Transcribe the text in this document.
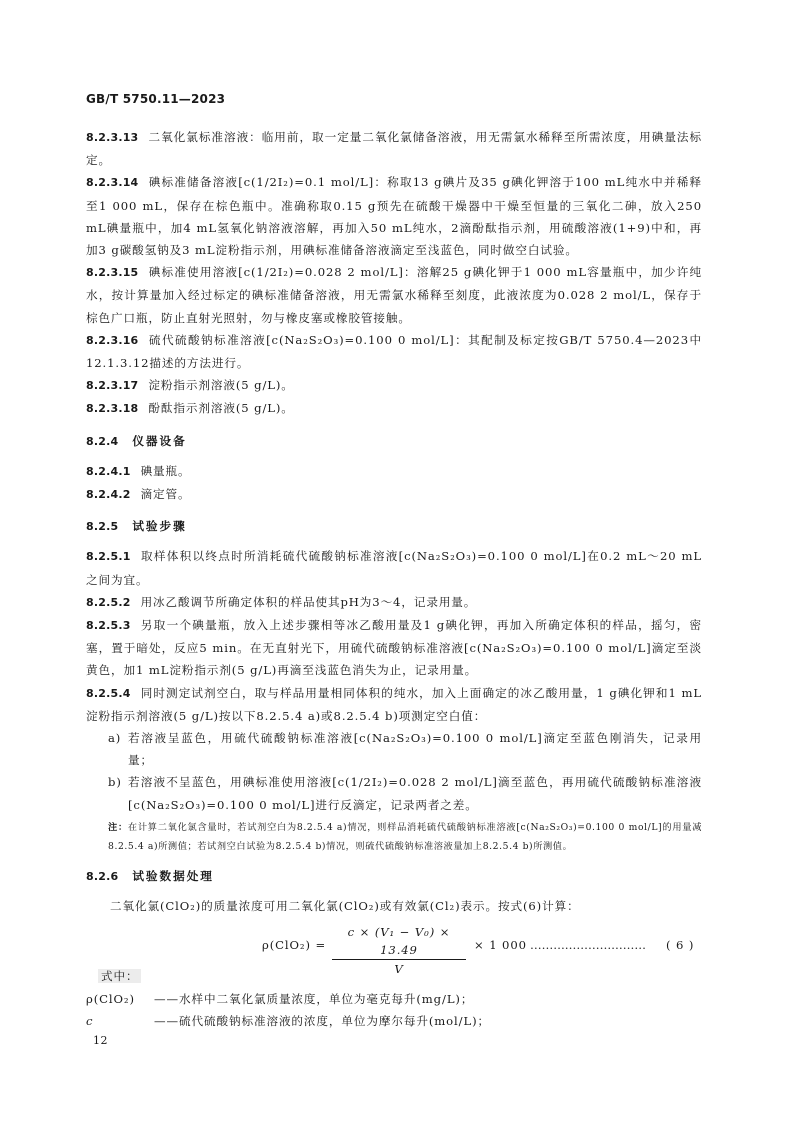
GB/T 5750.11—2023

8.2.3.13 二氧化氯标准溶液：临用前，取一定量二氧化氯储备溶液，用无需氯水稀释至所需浓度，用碘量法标定。

8.2.3.14 碘标准储备溶液[c(1/2I₂)=0.1 mol/L]：称取13 g碘片及35 g碘化钾溶于100 mL纯水中并稀释至1 000 mL，保存在棕色瓶中。准确称取0.15 g预先在硫酸干燥器中干燥至恒量的三氧化二砷，放入250 mL碘量瓶中，加4 mL氢氧化钠溶液溶解，再加入50 mL纯水，2滴酚酞指示剂，用硫酸溶液(1+9)中和，再加3 g碳酸氢钠及3 mL淀粉指示剂，用碘标准储备溶液滴定至浅蓝色，同时做空白试验。

8.2.3.15 碘标准使用溶液[c(1/2I₂)=0.028 2 mol/L]：溶解25 g碘化钾于1 000 mL容量瓶中，加少许纯水，按计算量加入经过标定的碘标准储备溶液，用无需氯水稀释至刻度，此液浓度为0.028 2 mol/L，保存于棕色广口瓶，防止直射光照射，勿与橡皮塞或橡胶管接触。

8.2.3.16 硫代硫酸钠标准溶液[c(Na₂S₂O₃)=0.100 0 mol/L]：其配制及标定按GB/T 5750.4—2023中12.1.3.12描述的方法进行。

8.2.3.17 淀粉指示剂溶液(5 g/L)。

8.2.3.18 酚酞指示剂溶液(5 g/L)。

8.2.4 仪器设备

8.2.4.1 碘量瓶。

8.2.4.2 滴定管。

8.2.5 试验步骤

8.2.5.1 取样体积以终点时所消耗硫代硫酸钠标准溶液[c(Na₂S₂O₃)=0.100 0 mol/L]在0.2 mL～20 mL之间为宜。

8.2.5.2 用冰乙酸调节所确定体积的样品使其pH为3～4，记录用量。

8.2.5.3 另取一个碘量瓶，放入上述步骤相等冰乙酸用量及1 g碘化钾，再加入所确定体积的样品，摇匀，密塞，置于暗处，反应5 min。在无直射光下，用硫代硫酸钠标准溶液[c(Na₂S₂O₃)=0.100 0 mol/L]滴定至淡黄色，加1 mL淀粉指示剂(5 g/L)再滴至浅蓝色消失为止，记录用量。

8.2.5.4 同时测定试剂空白，取与样品用量相同体积的纯水，加入上面确定的冰乙酸用量，1 g碘化钾和1 mL淀粉指示剂溶液(5 g/L)按以下8.2.5.4 a)或8.2.5.4 b)项测定空白值：

a) 若溶液呈蓝色，用硫代硫酸钠标准溶液[c(Na₂S₂O₃)=0.100 0 mol/L]滴定至蓝色刚消失，记录用量；

b) 若溶液不呈蓝色，用碘标准使用溶液[c(1/2I₂)=0.028 2 mol/L]滴至蓝色，再用硫代硫酸钠标准溶液[c(Na₂S₂O₃)=0.100 0 mol/L]进行反滴定，记录两者之差。

注：在计算二氧化氯含量时，若试剂空白为8.2.5.4 a)情况，则样品消耗硫代硫酸钠标准溶液[c(Na₂S₂O₃)=0.100 0 mol/L]的用量减8.2.5.4 a)所测值；若试剂空白试验为8.2.5.4 b)情况，则硫代硫酸钠标准溶液量加上8.2.5.4 b)所测值。

8.2.6 试验数据处理

二氧化氯(ClO₂)的质量浓度可用二氧化氯(ClO₂)或有效氯(Cl₂)表示。按式(6)计算：

ρ(ClO₂) =
c × (V₁ − V₀) × 13.49
V
× 1 000 ………………………… ( 6 )

式中：

ρ(ClO₂) ——水样中二氧化氯质量浓度，单位为毫克每升(mg/L)；

c	——硫代硫酸钠标准溶液的浓度，单位为摩尔每升(mol/L)；

12
